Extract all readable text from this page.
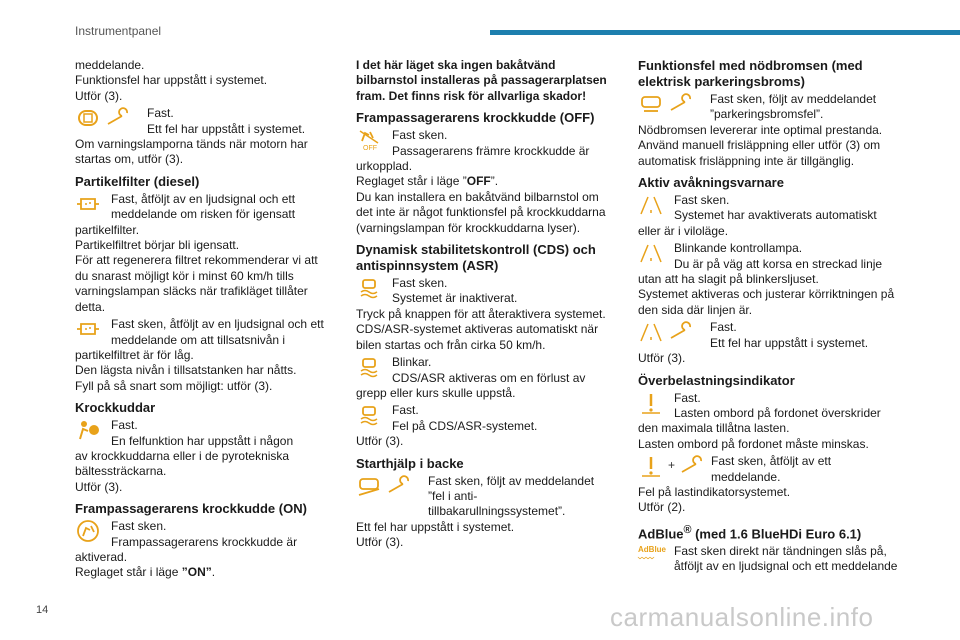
Instrumentpanel

meddelande.

Funktionsfel har uppstått i systemet.

Utför (3).

Fast.
Ett fel har uppstått i systemet.

Om varningslamporna tänds när motorn har startas om, utför (3).

Partikelfilter (diesel)
Fast, åtföljt av en ljudsignal och ett meddelande om risken för igensatt

partikelfilter.

Partikelfiltret börjar bli igensatt.

För att regenerera filtret rekommenderar vi att du snarast möjligt kör i minst 60 km/h tills varningslampan släcks när trafikläget tillåter detta.

Fast sken, åtföljt av en ljudsignal och ett meddelande om att tillsatsnivån i

partikelfiltret är för låg.

Den lägsta nivån i tillsatstanken har nåtts.

Fyll på så snart som möjligt: utför (3).

Krockkuddar
Fast.
En felfunktion har uppstått i någon

av krockkuddarna eller i de pyrotekniska bältessträckarna.

Utför (3).

Frampassagerarens krockkudde (ON)
Fast sken.
Frampassagerarens krockkudde är

aktiverad.

Reglaget står i läge ”ON”.

I det här läget ska ingen bakåtvänd bilbarnstol installeras på passagerarplatsen fram. Det finns risk för allvarliga skador!

Frampassagerarens krockkudde (OFF)
OFF
Fast sken.
Passagerarens främre krockkudde är

urkopplad.

Reglaget står i läge ”OFF”.

Du kan installera en bakåtvänd bilbarnstol om det inte är något funktionsfel på krockkuddarna (varningslampan för krockkuddarna lyser).

Dynamisk stabilitetskontroll (CDS) och antispinnsystem (ASR)
Fast sken.
Systemet är inaktiverat.

Tryck på knappen för att återaktivera systemet.

CDS/ASR-systemet aktiveras automatiskt när bilen startas och från cirka 50 km/h.

Blinkar.
CDS/ASR aktiveras om en förlust av

grepp eller kurs skulle uppstå.

Fast.
Fel på CDS/ASR-systemet.

Utför (3).

Starthjälp i backe
Fast sken, följt av meddelandet ”fel i anti-tillbakarullningssystemet”.

Ett fel har uppstått i systemet.

Utför (3).

Funktionsfel med nödbromsen (med elektrisk parkeringsbroms)
Fast sken, följt av meddelandet ”parkeringsbromsfel”.

Nödbromsen levererar inte optimal prestanda.

Använd manuell frisläppning eller utför (3) om automatisk frisläppning inte är tillgänglig.

Aktiv avåkningsvarnare
Fast sken.
Systemet har avaktiverats automatiskt

eller är i viloläge.

Blinkande kontrollampa.
Du är på väg att korsa en streckad linje

utan att ha slagit på blinkersljuset.

Systemet aktiveras och justerar körriktningen på den sida där linjen är.

Fast.
Ett fel har uppstått i systemet.

Utför (3).

Överbelastningsindikator
Fast.
Lasten ombord på fordonet överskrider

den maximala tillåtna lasten.

Lasten ombord på fordonet måste minskas.

+	Fast sken, åtföljt av ett
meddelande.

Fel på lastindikatorsystemet.

Utför (2).

AdBlue® (med 1.6 BlueHDi Euro 6.1)
AdBlue
〰〰
Fast sken direkt när tändningen slås på,
åtföljt av en ljudsignal och ett meddelande
14	carmanualsonline.info
